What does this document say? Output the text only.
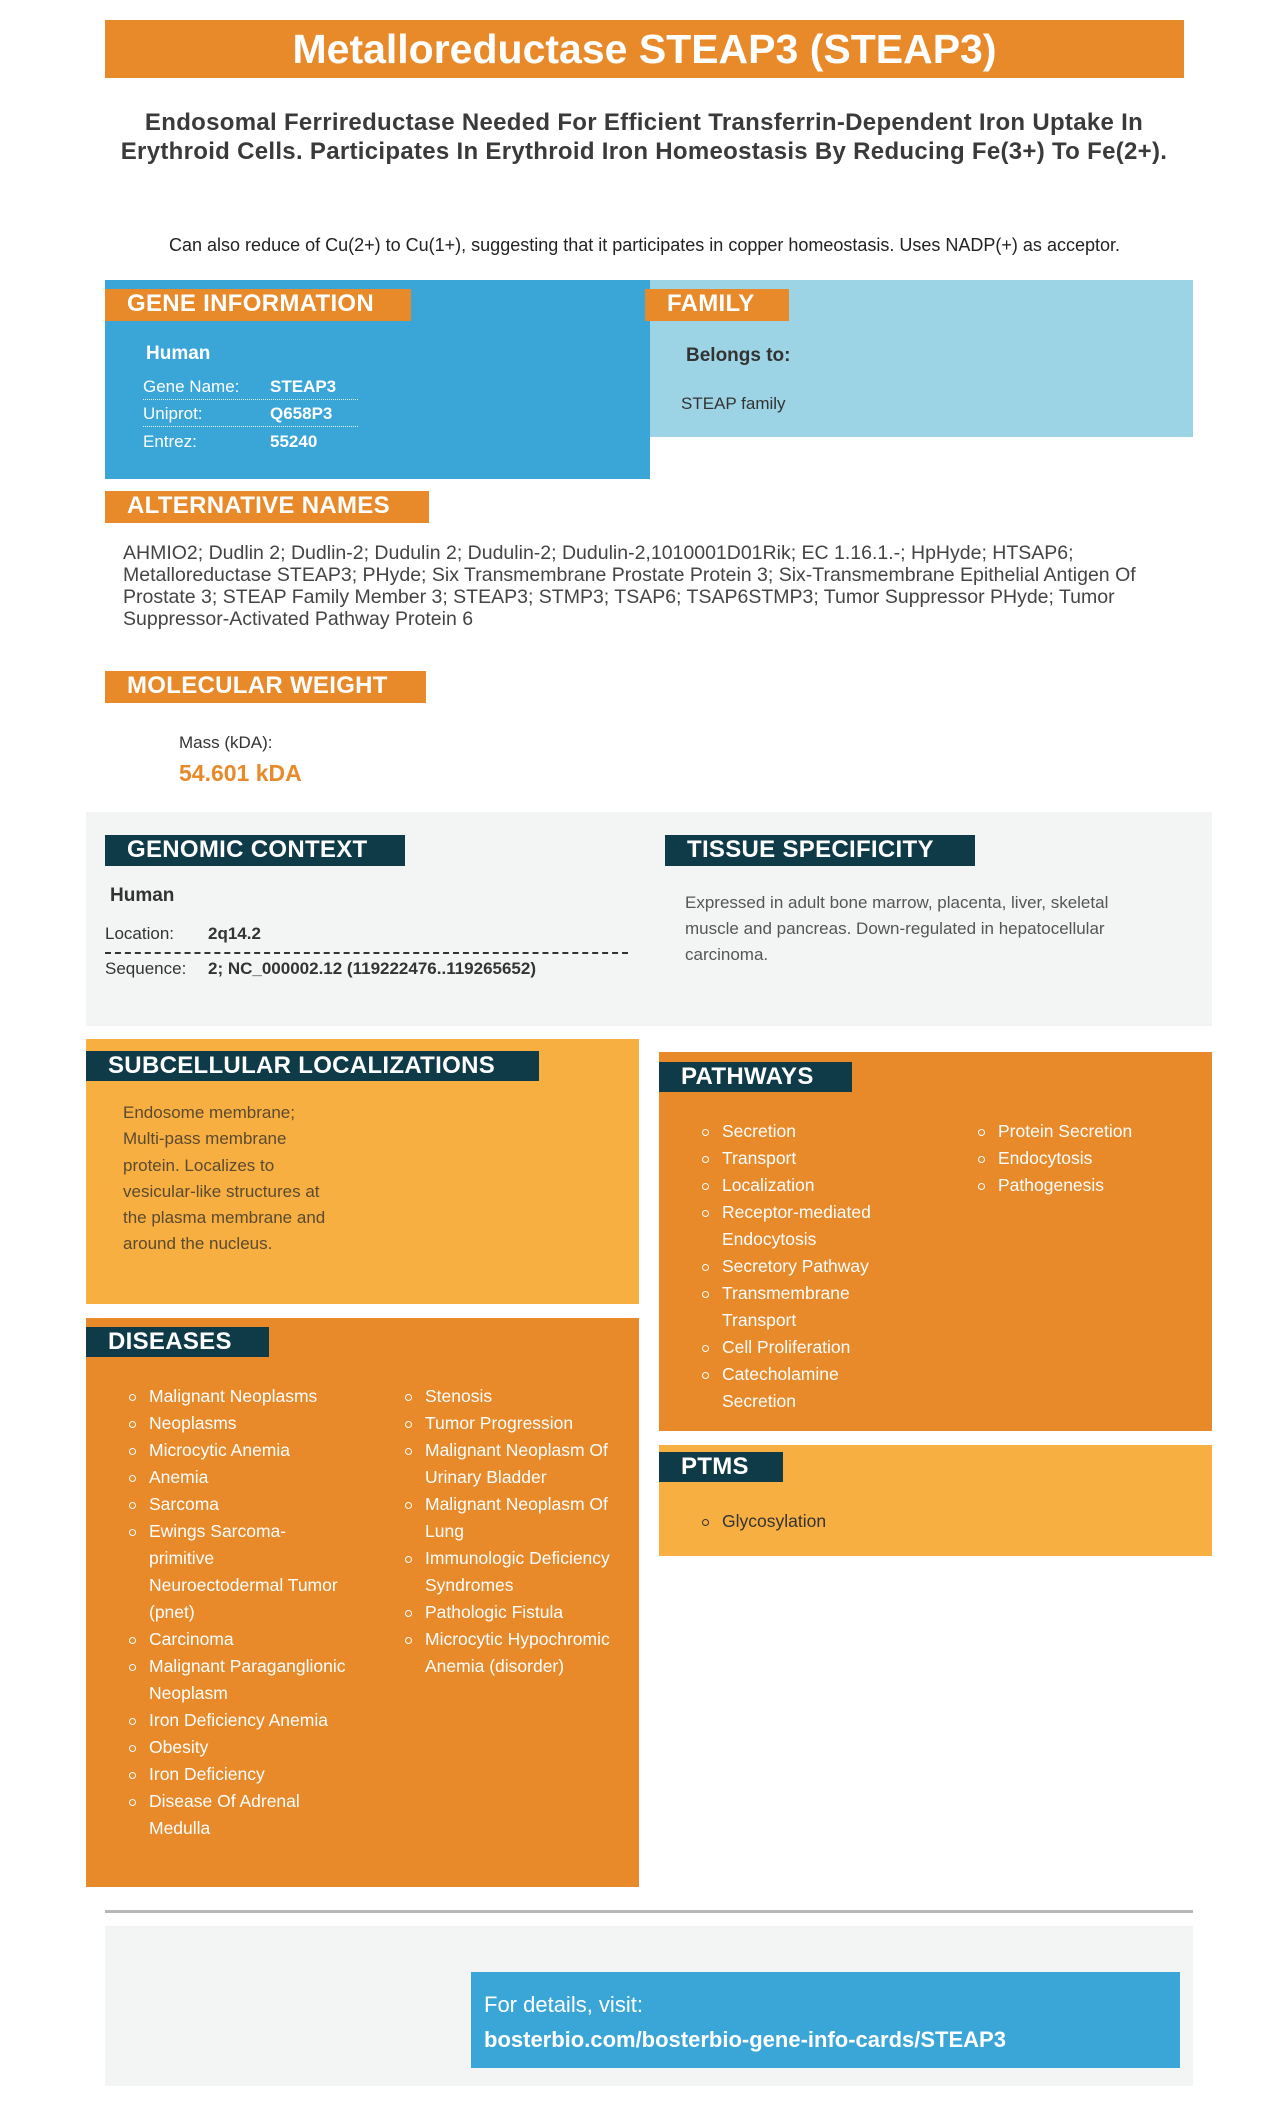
Metalloreductase STEAP3 (STEAP3)
Endosomal Ferrireductase Needed For Efficient Transferrin-Dependent Iron Uptake In Erythroid Cells. Participates In Erythroid Iron Homeostasis By Reducing Fe(3+) To Fe(2+).
Can also reduce of Cu(2+) to Cu(1+), suggesting that it participates in copper homeostasis. Uses NADP(+) as acceptor.
GENE INFORMATION
Human
Gene Name: STEAP3
Uniprot:	Q658P3
Entrez:	55240
FAMILY
Belongs to:
STEAP family
ALTERNATIVE NAMES
AHMIO2; Dudlin 2; Dudlin-2; Dudulin 2; Dudulin-2; Dudulin-2,1010001D01Rik; EC 1.16.1.-; HpHyde; HTSAP6; Metalloreductase STEAP3; PHyde; Six Transmembrane Prostate Protein 3; Six-Transmembrane Epithelial Antigen Of Prostate 3; STEAP Family Member 3; STEAP3; STMP3; TSAP6; TSAP6STMP3; Tumor Suppressor PHyde; Tumor Suppressor-Activated Pathway Protein 6
MOLECULAR WEIGHT
Mass (kDA):
54.601 kDA
GENOMIC CONTEXT
Human
Location: 2q14.2
Sequence: 2; NC_000002.12 (119222476..119265652)
TISSUE SPECIFICITY
Expressed in adult bone marrow, placenta, liver, skeletal muscle and pancreas. Down-regulated in hepatocellular carcinoma.
SUBCELLULAR LOCALIZATIONS
Endosome membrane; Multi-pass membrane protein. Localizes to vesicular-like structures at the plasma membrane and around the nucleus.
DISEASES
Malignant Neoplasms
Neoplasms
Microcytic Anemia
Anemia
Sarcoma
Ewings Sarcoma-primitive Neuroectodermal Tumor (pnet)
Carcinoma
Malignant Paraganglionic Neoplasm
Iron Deficiency Anemia
Obesity
Iron Deficiency
Disease Of Adrenal Medulla
Stenosis
Tumor Progression
Malignant Neoplasm Of Urinary Bladder
Malignant Neoplasm Of Lung
Immunologic Deficiency Syndromes
Pathologic Fistula
Microcytic Hypochromic Anemia (disorder)
PATHWAYS
Secretion
Transport
Localization
Receptor-mediated Endocytosis
Secretory Pathway
Transmembrane Transport
Cell Proliferation
Catecholamine Secretion
Protein Secretion
Endocytosis
Pathogenesis
PTMS
Glycosylation
For details, visit:
bosterbio.com/bosterbio-gene-info-cards/STEAP3
